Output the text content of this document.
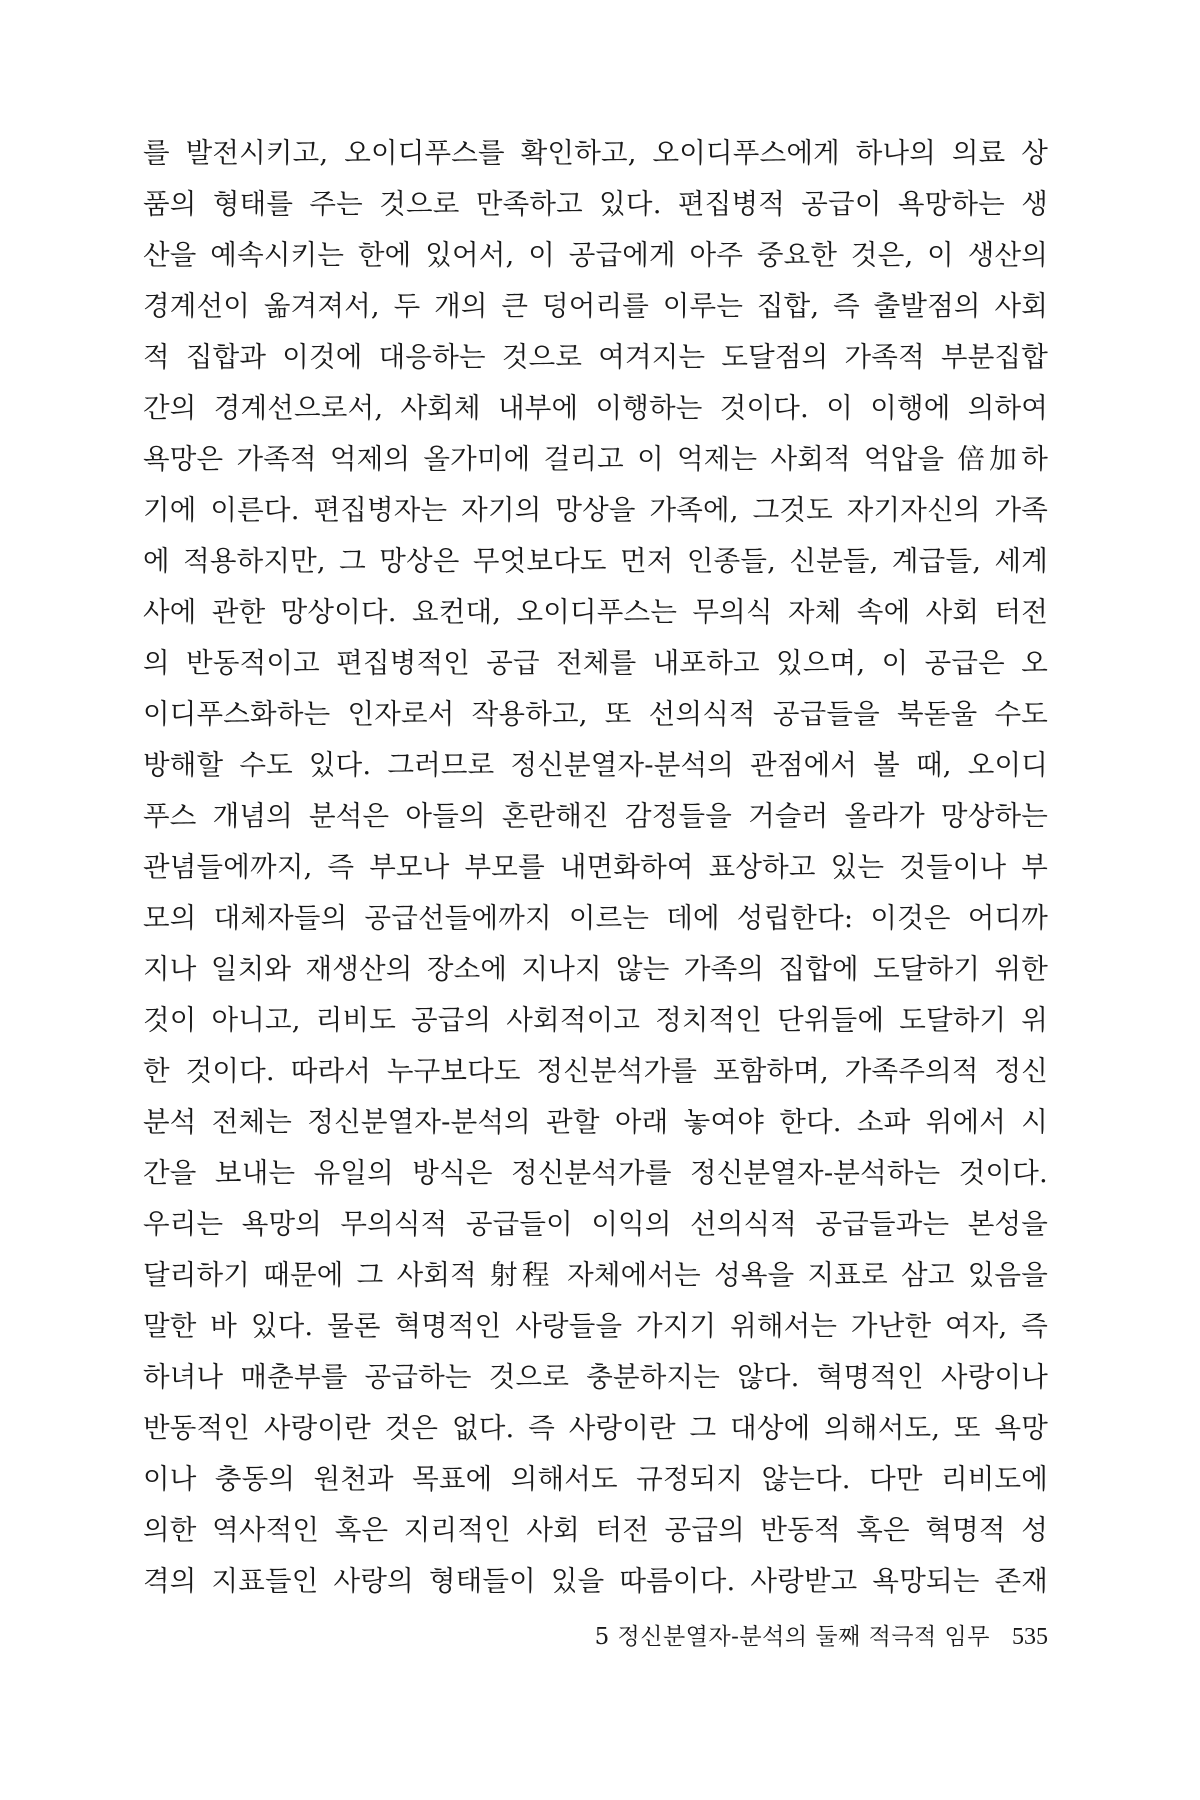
를 발전시키고, 오이디푸스를 확인하고, 오이디푸스에게 하나의 의료 상
품의 형태를 주는 것으로 만족하고 있다. 편집병적 공급이 욕망하는 생
산을 예속시키는 한에 있어서, 이 공급에게 아주 중요한 것은, 이 생산의
경계선이 옮겨져서, 두 개의 큰 덩어리를 이루는 집합, 즉 출발점의 사회
적 집합과 이것에 대응하는 것으로 여겨지는 도달점의 가족적 부분집합
간의 경계선으로서, 사회체 내부에 이행하는 것이다. 이 이행에 의하여
욕망은 가족적 억제의 올가미에 걸리고 이 억제는 사회적 억압을 倍加하
기에 이른다. 편집병자는 자기의 망상을 가족에, 그것도 자기자신의 가족
에 적용하지만, 그 망상은 무엇보다도 먼저 인종들, 신분들, 계급들, 세계
사에 관한 망상이다. 요컨대, 오이디푸스는 무의식 자체 속에 사회 터전
의 반동적이고 편집병적인 공급 전체를 내포하고 있으며, 이 공급은 오
이디푸스화하는 인자로서 작용하고, 또 선의식적 공급들을 북돋울 수도
방해할 수도 있다. 그러므로 정신분열자-분석의 관점에서 볼 때, 오이디
푸스 개념의 분석은 아들의 혼란해진 감정들을 거슬러 올라가 망상하는
관념들에까지, 즉 부모나 부모를 내면화하여 표상하고 있는 것들이나 부
모의 대체자들의 공급선들에까지 이르는 데에 성립한다: 이것은 어디까
지나 일치와 재생산의 장소에 지나지 않는 가족의 집합에 도달하기 위한
것이 아니고, 리비도 공급의 사회적이고 정치적인 단위들에 도달하기 위
한 것이다. 따라서 누구보다도 정신분석가를 포함하며, 가족주의적 정신
분석 전체는 정신분열자-분석의 관할 아래 놓여야 한다. 소파 위에서 시
간을 보내는 유일의 방식은 정신분석가를 정신분열자-분석하는 것이다.
우리는 욕망의 무의식적 공급들이 이익의 선의식적 공급들과는 본성을
달리하기 때문에 그 사회적 射程 자체에서는 성욕을 지표로 삼고 있음을
말한 바 있다. 물론 혁명적인 사랑들을 가지기 위해서는 가난한 여자, 즉
하녀나 매춘부를 공급하는 것으로 충분하지는 않다. 혁명적인 사랑이나
반동적인 사랑이란 것은 없다. 즉 사랑이란 그 대상에 의해서도, 또 욕망
이나 충동의 원천과 목표에 의해서도 규정되지 않는다. 다만 리비도에
의한 역사적인 혹은 지리적인 사회 터전 공급의 반동적 혹은 혁명적 성
격의 지표들인 사랑의 형태들이 있을 따름이다. 사랑받고 욕망되는 존재
5 정신분열자-분석의 둘째 적극적 임무 535
